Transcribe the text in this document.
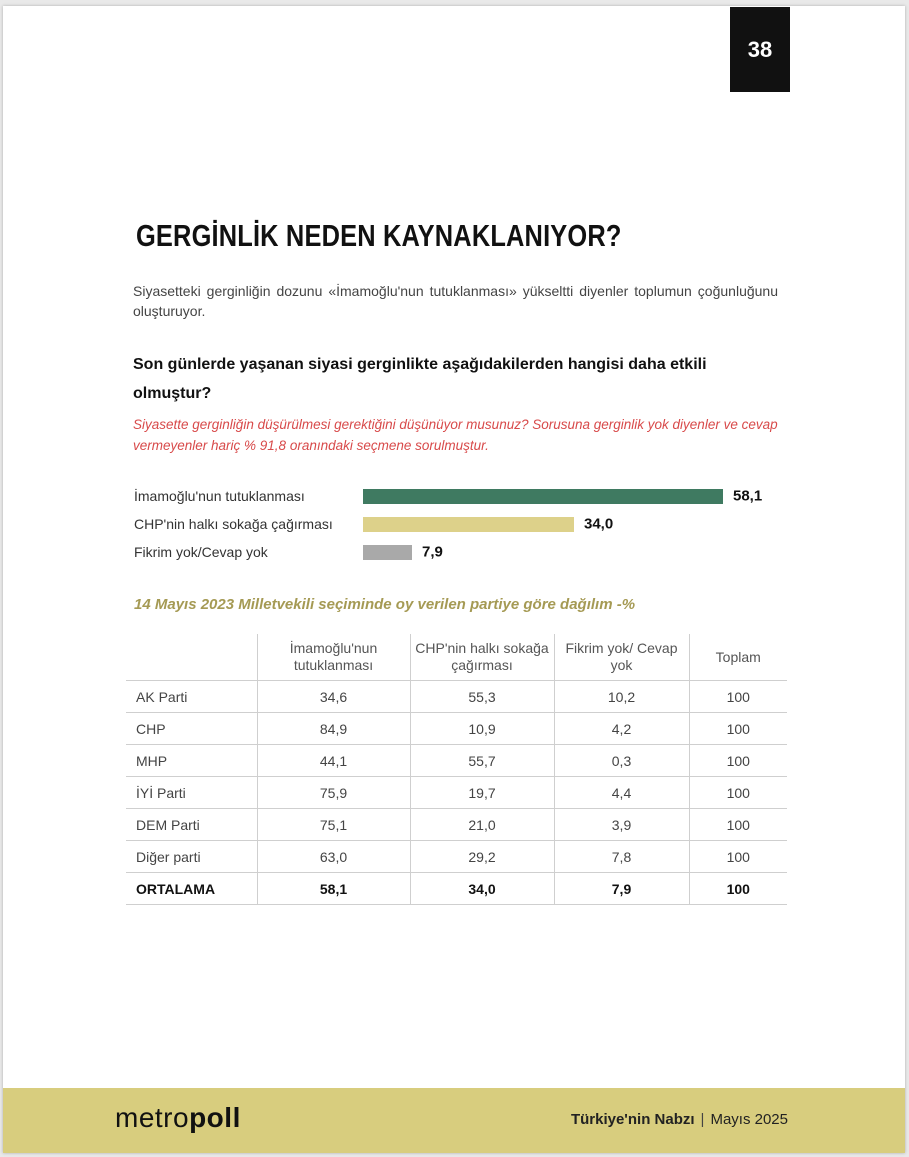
38
GERGİNLİK NEDEN KAYNAKLANIYOR?
Siyasetteki gerginliğin dozunu «İmamoğlu'nun tutuklanması» yükseltti diyenler toplumun çoğunluğunu oluşturuyor.
Son günlerde yaşanan siyasi gerginlikte aşağıdakilerden hangisi daha etkili olmuştur?
Siyasette gerginliğin düşürülmesi gerektiğini düşünüyor musunuz? Sorusuna gerginlik yok diyenler ve cevap vermeyenler hariç % 91,8 oranındaki seçmene sorulmuştur.
İmamoğlu'nun tutuklanması	58,1
CHP'nin halkı sokağa çağırması	34,0
Fikrim yok/Cevap yok	7,9
14 Mayıs 2023 Milletvekili seçiminde oy verilen partiye göre dağılım -%
	İmamoğlu'nun tutuklanması	CHP'nin halkı sokağa çağırması	Fikrim yok/ Cevap yok	Toplam
AK Parti	34,6	55,3	10,2	100
CHP	84,9	10,9	4,2	100
MHP	44,1	55,7	0,3	100
İYİ Parti	75,9	19,7	4,4	100
DEM Parti	75,1	21,0	3,9	100
Diğer parti	63,0	29,2	7,8	100
ORTALAMA	58,1	34,0	7,9	100
metropoll	Türkiye'nin Nabzı | Mayıs 2025
